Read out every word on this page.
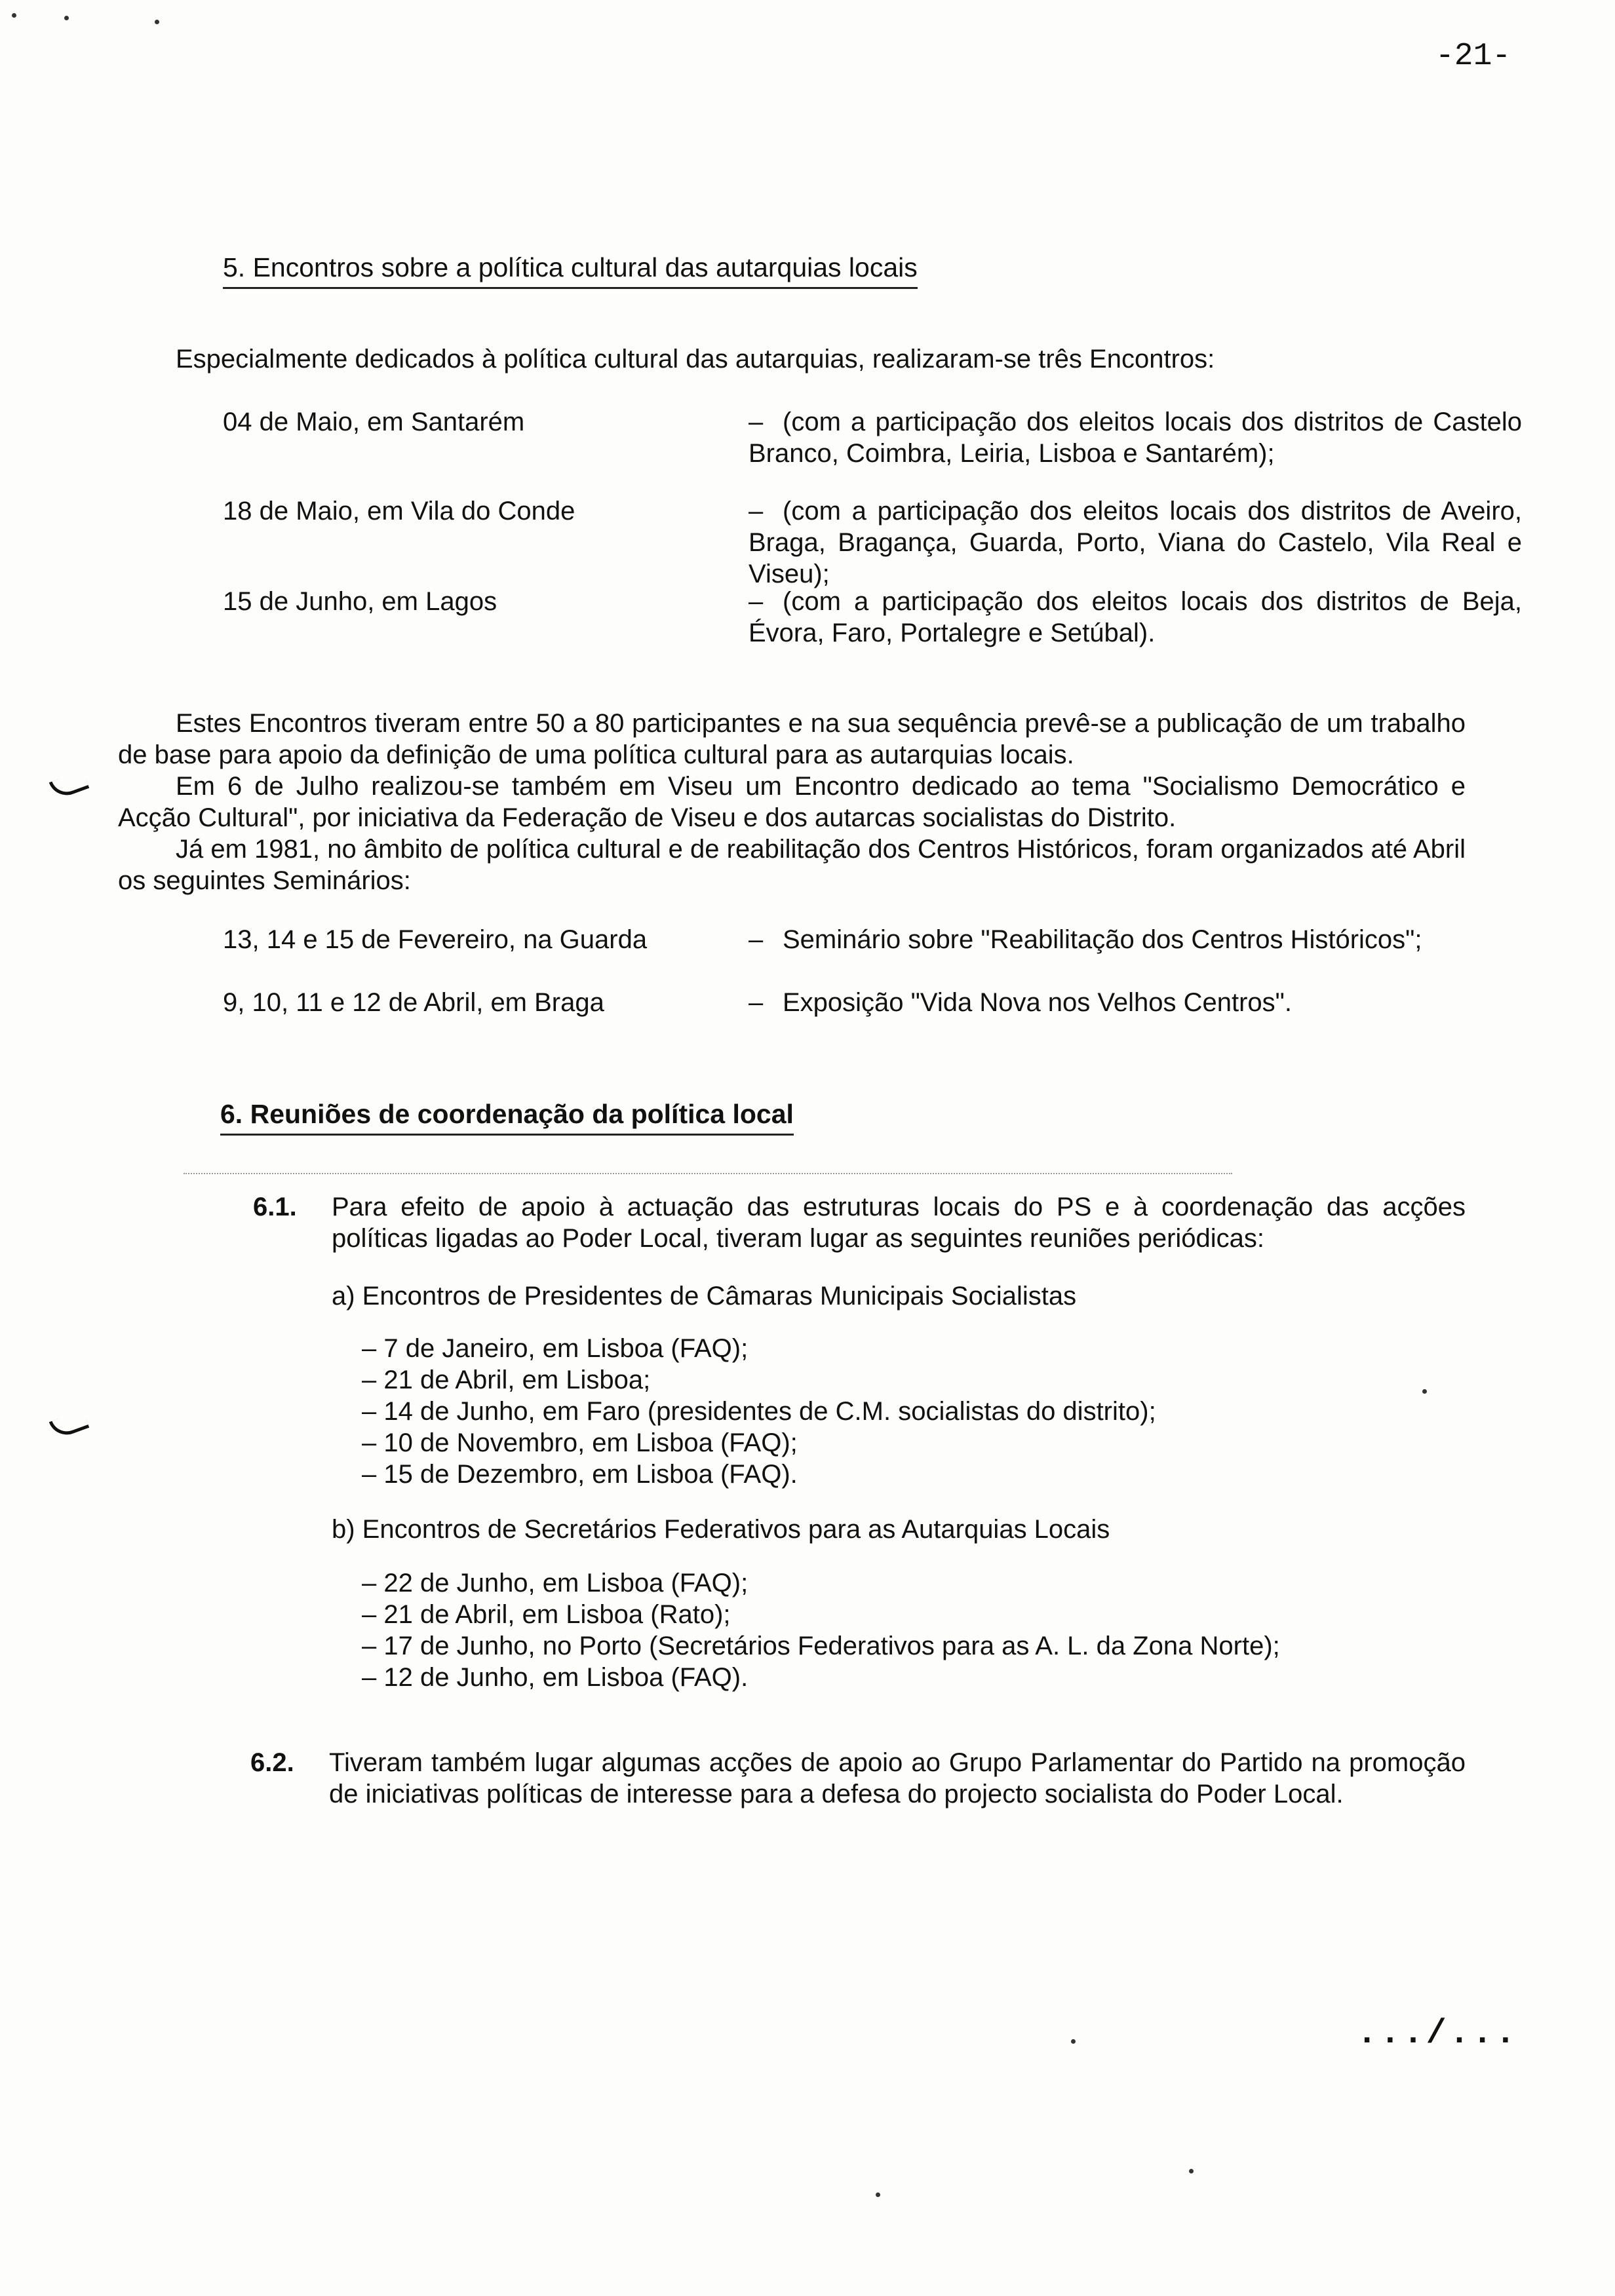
-21-
5. Encontros sobre a política cultural das autarquias locais
Especialmente dedicados à política cultural das autarquias, realizaram-se três Encontros:
04 de Maio, em Santarém	– (com a participação dos eleitos locais dos distritos de Castelo Branco, Coimbra, Leiria, Lisboa e Santarém);
18 de Maio, em Vila do Conde	– (com a participação dos eleitos locais dos distritos de Aveiro, Braga, Bragança, Guarda, Porto, Viana do Castelo, Vila Real e Viseu);
15 de Junho, em Lagos	– (com a participação dos eleitos locais dos distritos de Beja, Évora, Faro, Portalegre e Setúbal).
Estes Encontros tiveram entre 50 a 80 participantes e na sua sequência prevê-se a publicação de um trabalho de base para apoio da definição de uma política cultural para as autarquias locais.
Em 6 de Julho realizou-se também em Viseu um Encontro dedicado ao tema "Socialismo Democrático e Acção Cultural", por iniciativa da Federação de Viseu e dos autarcas socialistas do Distrito.
Já em 1981, no âmbito de política cultural e de reabilitação dos Centros Históricos, foram organizados até Abril os seguintes Seminários:
13, 14 e 15 de Fevereiro, na Guarda	– Seminário sobre "Reabilitação dos Centros Históricos";
9, 10, 11 e 12 de Abril, em Braga	– Exposição "Vida Nova nos Velhos Centros".
6. Reuniões de coordenação da política local
6.1. Para efeito de apoio à actuação das estruturas locais do PS e à coordenação das acções políticas ligadas ao Poder Local, tiveram lugar as seguintes reuniões periódicas:
a) Encontros de Presidentes de Câmaras Municipais Socialistas
– 7 de Janeiro, em Lisboa (FAQ);
– 21 de Abril, em Lisboa;
– 14 de Junho, em Faro (presidentes de C.M. socialistas do distrito);
– 10 de Novembro, em Lisboa (FAQ);
– 15 de Dezembro, em Lisboa (FAQ).
b) Encontros de Secretários Federativos para as Autarquias Locais
– 22 de Junho, em Lisboa (FAQ);
– 21 de Abril, em Lisboa (Rato);
– 17 de Junho, no Porto (Secretários Federativos para as A. L. da Zona Norte);
– 12 de Junho, em Lisboa (FAQ).
6.2. Tiveram também lugar algumas acções de apoio ao Grupo Parlamentar do Partido na promoção de iniciativas políticas de interesse para a defesa do projecto socialista do Poder Local.
.../...
